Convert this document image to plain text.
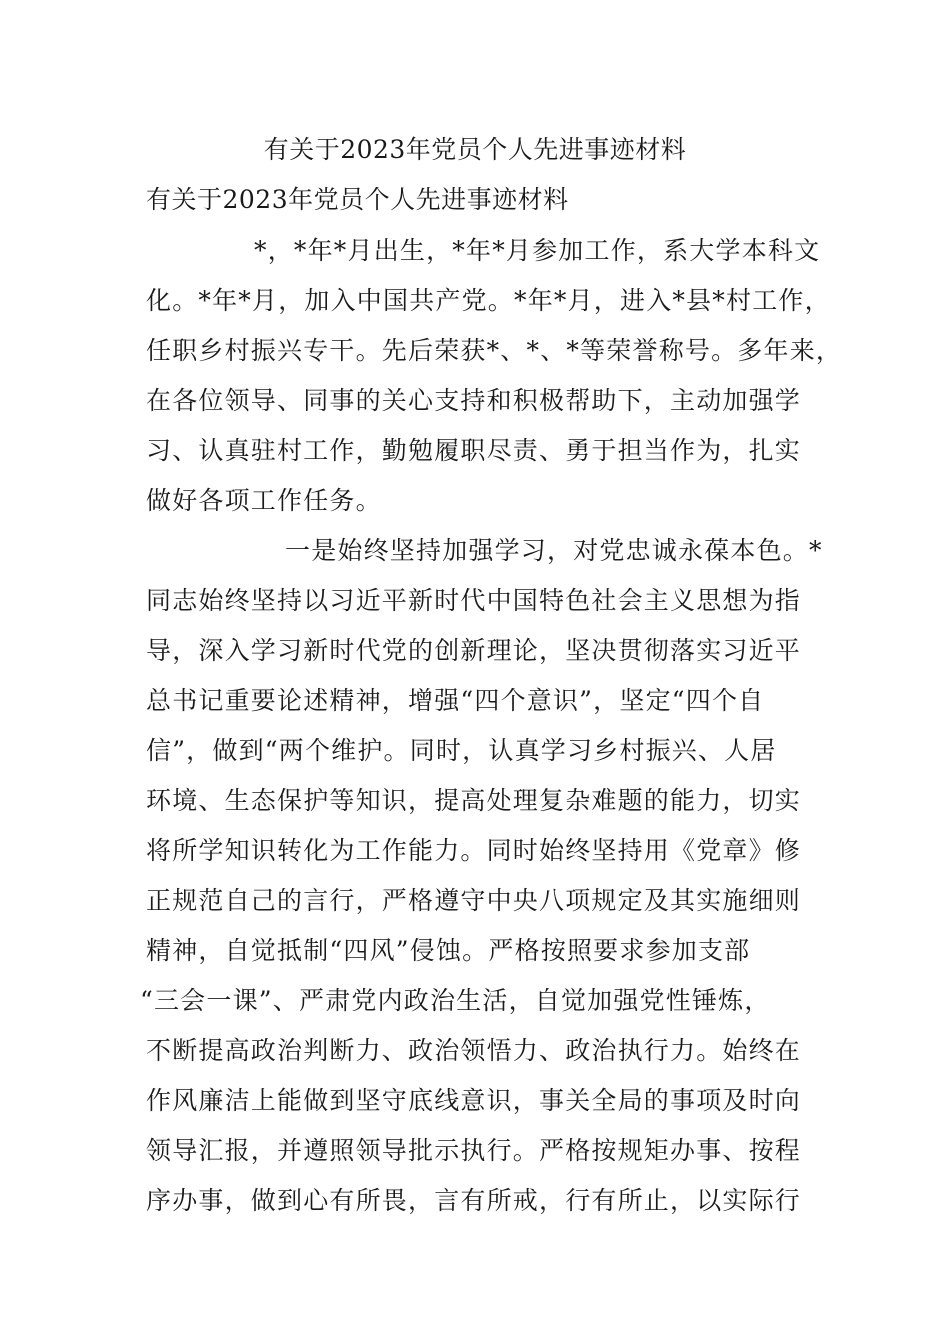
有关于2023年党员个人先进事迹材料
有关于2023年党员个人先进事迹材料

*，*年*月出生，*年*月参加工作，系大学本科文

化。*年*月，加入中国共产党。*年*月，进入*县*村工作，

任职乡村振兴专干。先后荣获*、*、*等荣誉称号。多年来，

在各位领导、同事的关心支持和积极帮助下，主动加强学

习、认真驻村工作，勤勉履职尽责、勇于担当作为，扎实

做好各项工作任务。

一是始终坚持加强学习，对党忠诚永葆本色。*

同志始终坚持以习近平新时代中国特色社会主义思想为指

导，深入学习新时代党的创新理论，坚决贯彻落实习近平

总书记重要论述精神，增强“四个意识”，坚定“四个自

信”，做到“两个维护。同时，认真学习乡村振兴、人居

环境、生态保护等知识，提高处理复杂难题的能力，切实

将所学知识转化为工作能力。同时始终坚持用《党章》修

正规范自己的言行，严格遵守中央八项规定及其实施细则

精神，自觉抵制“四风”侵蚀。严格按照要求参加支部

“三会一课”、严肃党内政治生活，自觉加强党性锤炼，

不断提高政治判断力、政治领悟力、政治执行力。始终在

作风廉洁上能做到坚守底线意识，事关全局的事项及时向

领导汇报，并遵照领导批示执行。严格按规矩办事、按程

序办事，做到心有所畏，言有所戒，行有所止，以实际行
